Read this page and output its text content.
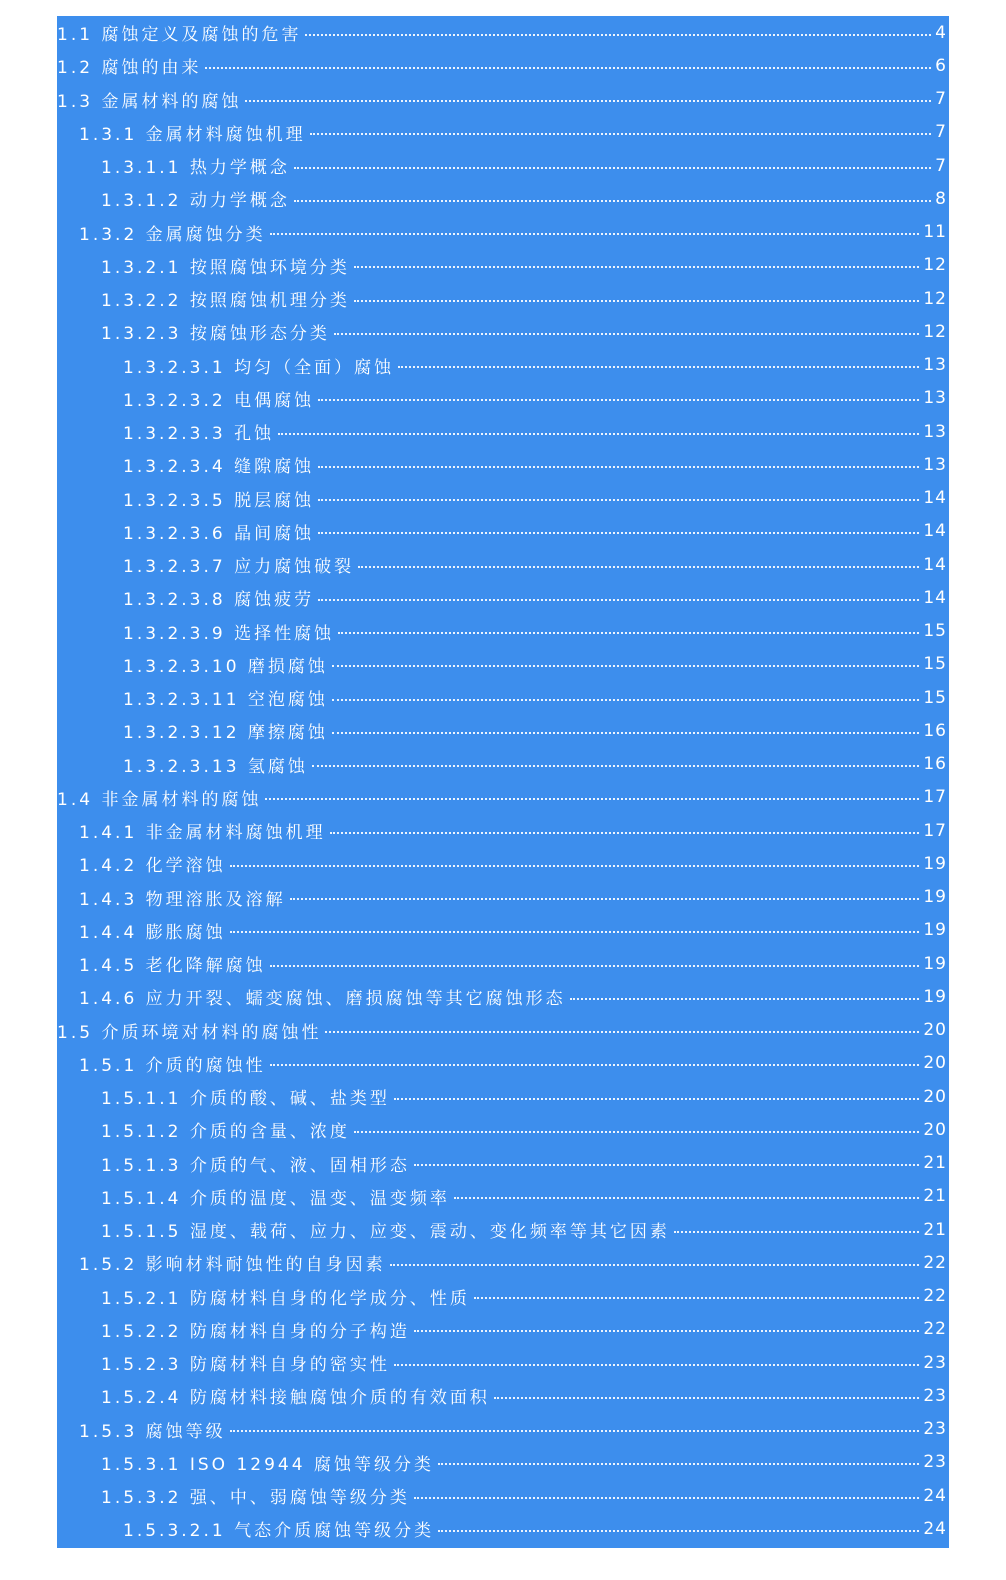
1.1 腐蚀定义及腐蚀的危害	4
1.2 腐蚀的由来	6
1.3 金属材料的腐蚀	7
1.3.1 金属材料腐蚀机理	7
1.3.1.1 热力学概念	7
1.3.1.2 动力学概念	8
1.3.2 金属腐蚀分类	11
1.3.2.1 按照腐蚀环境分类	12
1.3.2.2 按照腐蚀机理分类	12
1.3.2.3 按腐蚀形态分类	12
1.3.2.3.1 均匀（全面）腐蚀	13
1.3.2.3.2 电偶腐蚀	13
1.3.2.3.3 孔蚀	13
1.3.2.3.4 缝隙腐蚀	13
1.3.2.3.5 脱层腐蚀	14
1.3.2.3.6 晶间腐蚀	14
1.3.2.3.7 应力腐蚀破裂	14
1.3.2.3.8 腐蚀疲劳	14
1.3.2.3.9 选择性腐蚀	15
1.3.2.3.10 磨损腐蚀	15
1.3.2.3.11 空泡腐蚀	15
1.3.2.3.12 摩擦腐蚀	16
1.3.2.3.13 氢腐蚀	16
1.4 非金属材料的腐蚀	17
1.4.1 非金属材料腐蚀机理	17
1.4.2 化学溶蚀	19
1.4.3 物理溶胀及溶解	19
1.4.4 膨胀腐蚀	19
1.4.5 老化降解腐蚀	19
1.4.6 应力开裂、蠕变腐蚀、磨损腐蚀等其它腐蚀形态	19
1.5 介质环境对材料的腐蚀性	20
1.5.1 介质的腐蚀性	20
1.5.1.1 介质的酸、碱、盐类型	20
1.5.1.2 介质的含量、浓度	20
1.5.1.3 介质的气、液、固相形态	21
1.5.1.4 介质的温度、温变、温变频率	21
1.5.1.5 湿度、载荷、应力、应变、震动、变化频率等其它因素	21
1.5.2 影响材料耐蚀性的自身因素	22
1.5.2.1 防腐材料自身的化学成分、性质	22
1.5.2.2 防腐材料自身的分子构造	22
1.5.2.3 防腐材料自身的密实性	23
1.5.2.4 防腐材料接触腐蚀介质的有效面积	23
1.5.3 腐蚀等级	23
1.5.3.1 ISO 12944 腐蚀等级分类	23
1.5.3.2 强、中、弱腐蚀等级分类	24
1.5.3.2.1 气态介质腐蚀等级分类	24
